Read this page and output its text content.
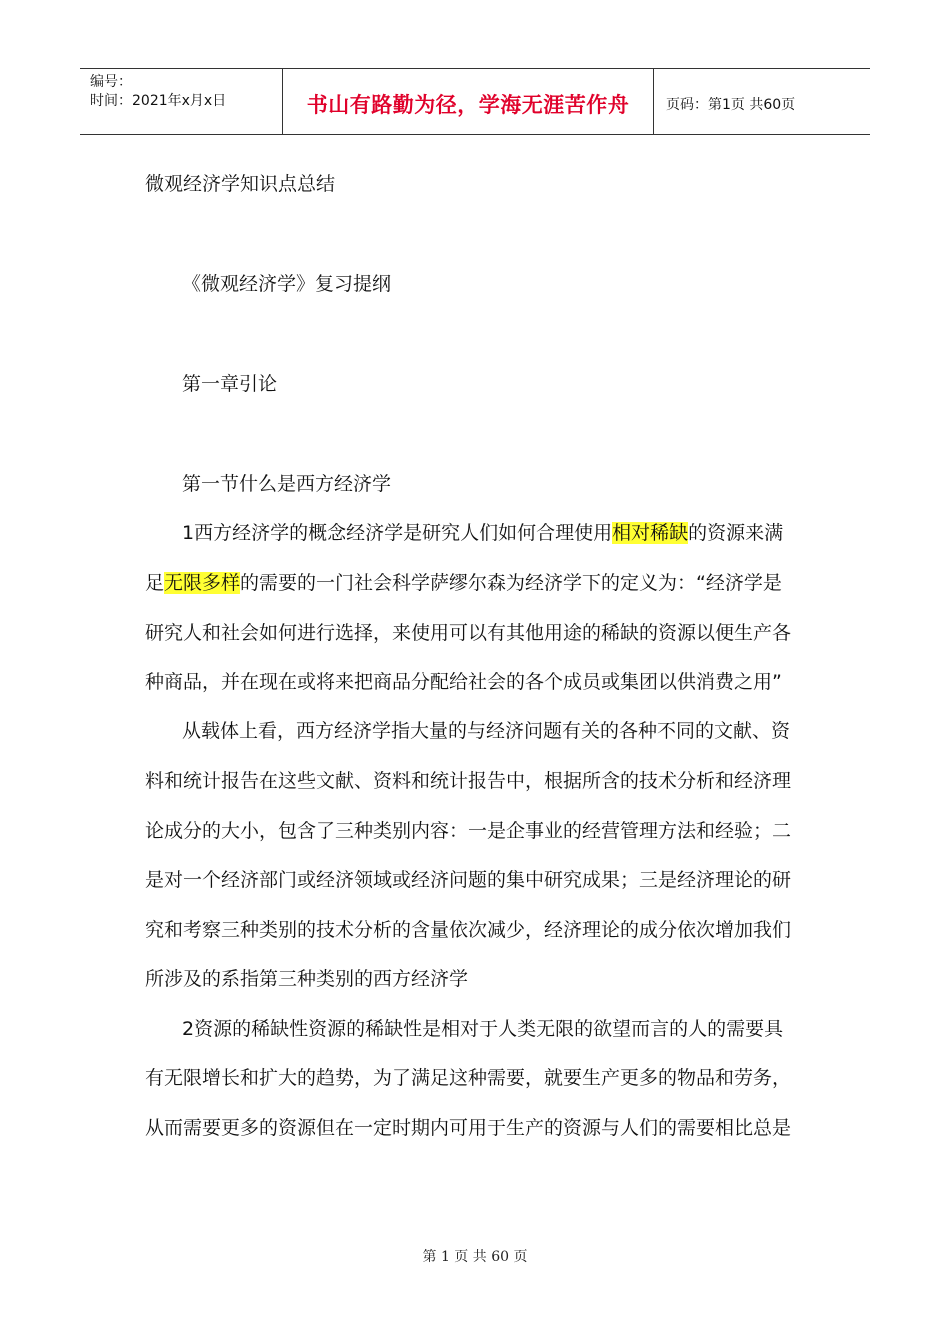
编号：
时间：2021年x月x日	书山有路勤为径，学海无涯苦作舟	页码：第1页 共60页
微观经济学知识点总结
《微观经济学》复习提纲
第一章引论
第一节什么是西方经济学
1西方经济学的概念经济学是研究人们如何合理使用相对稀缺的资源来满
足无限多样的需要的一门社会科学萨缪尔森为经济学下的定义为：“经济学是
研究人和社会如何进行选择，来使用可以有其他用途的稀缺的资源以便生产各
种商品，并在现在或将来把商品分配给社会的各个成员或集团以供消费之用”
从载体上看，西方经济学指大量的与经济问题有关的各种不同的文献、资
料和统计报告在这些文献、资料和统计报告中，根据所含的技术分析和经济理
论成分的大小，包含了三种类别内容：一是企事业的经营管理方法和经验；二
是对一个经济部门或经济领域或经济问题的集中研究成果；三是经济理论的研
究和考察三种类别的技术分析的含量依次减少，经济理论的成分依次增加我们
所涉及的系指第三种类别的西方经济学
2资源的稀缺性资源的稀缺性是相对于人类无限的欲望而言的人的需要具
有无限增长和扩大的趋势，为了满足这种需要，就要生产更多的物品和劳务，
从而需要更多的资源但在一定时期内可用于生产的资源与人们的需要相比总是
第 1 页 共 60 页
